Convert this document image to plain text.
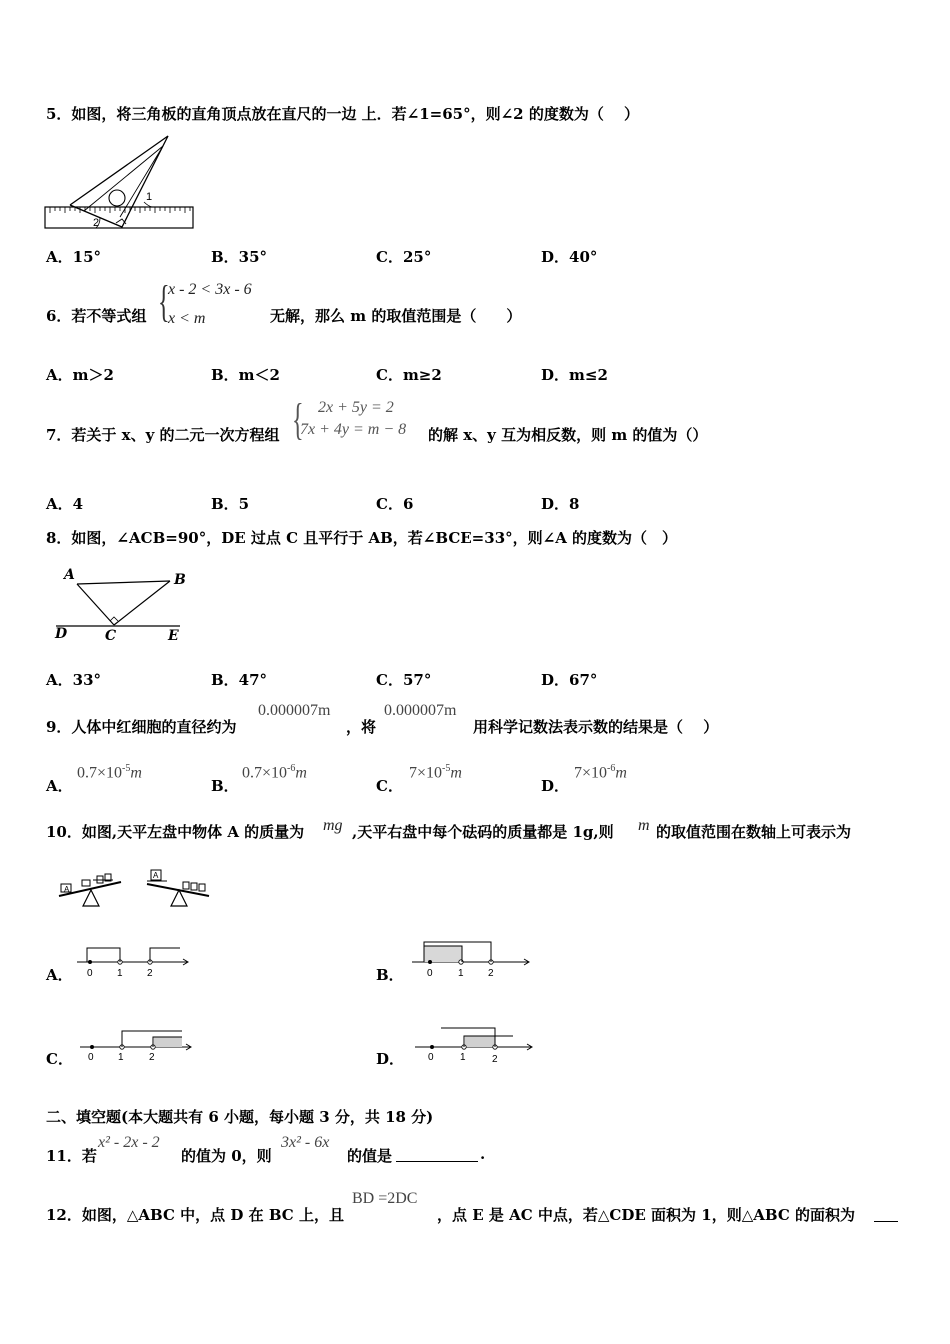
5．如图，将三角板的直角顶点放在直尺的一边 上．若∠1=65°，则∠2 的度数为（　 ）
1
2
A．15°	B．35°	C．25°	D．40°
6．若不等式组 {
x - 2 < 3x - 6
x < m	无解，那么 m 的取值范围是（　　）
A．m＞2	B．m＜2	C．m≥2	D．m≤2
7．若关于 x、y 的二元一次方程组 { 2x + 5y = 2
7x + 4y = m − 8 的解 x、y 互为相反数，则 m 的值为（）
A．4	B．5	C．6	D．8
8．如图，∠ACB=90°，DE 过点 C 且平行于 AB，若∠BCE=33°，则∠A 的度数为（　）
A	B
C
D	E
A．33°	B．47°	C．57°	D．67°
9．人体中红细胞的直径约为
0.000007m
，将
0.000007m
用科学记数法表示数的结果是（　 ）
A．
$0.7\times 10^{-5}m$
B．
$0.7\times 10^{-6}m$
C．
$7\times 10^{-5}m$
D．
$7\times 10^{-6}m$
10．如图,天平左盘中物体 A 的质量为 mg ,天平右盘中每个砝码的质量都是 1g,则 m 的取值范围在数轴上可表示为
A
A
A． 0 1 2	B． 0	1 2
C． 0 1	2	D． 0	1	2
二、填空题(本大题共有 6 小题，每小题 3 分，共 18 分)
11．若
x² - 2x - 2
的值为 0，则
3x² - 6x
的值是	.
12．如图，△ABC 中，点 D 在 BC 上，且
BD =2DC
，点 E 是 AC 中点，若△CDE 面积为 1，则△ABC 的面积为
